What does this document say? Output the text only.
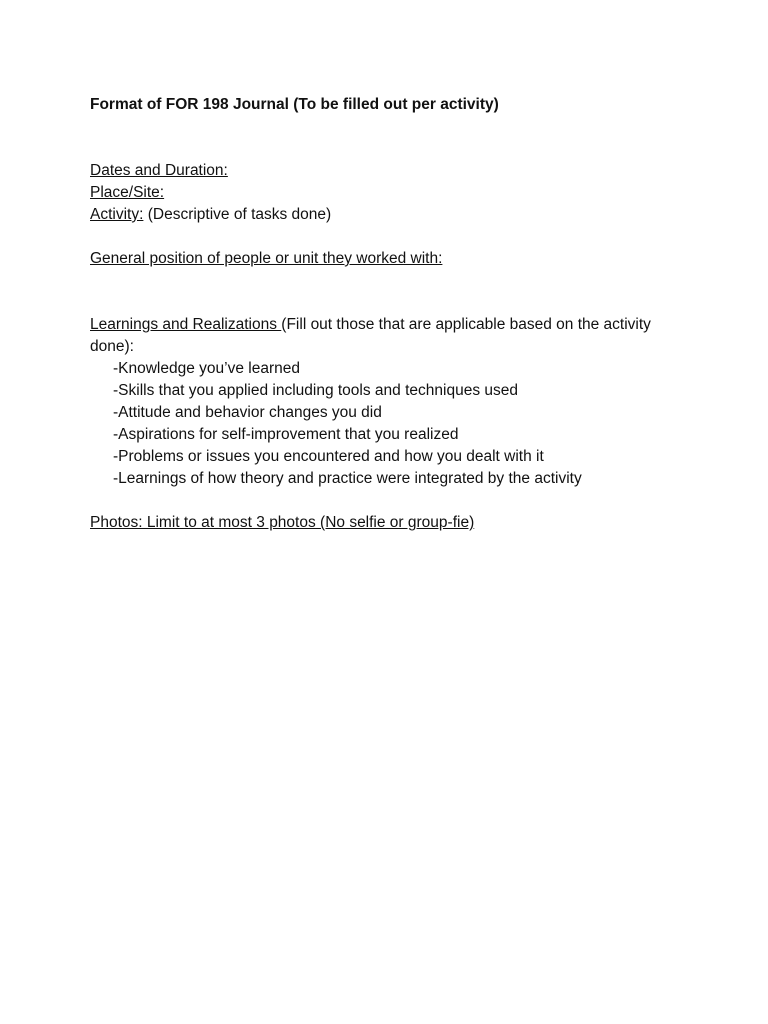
Format of FOR 198 Journal (To be filled out per activity)

Dates and Duration:

Place/Site:

Activity: (Descriptive of tasks done)

General position of people or unit they worked with:

Learnings and Realizations (Fill out those that are applicable based on the activity done):

-Knowledge you’ve learned
-Skills that you applied including tools and techniques used
-Attitude and behavior changes you did
-Aspirations for self-improvement that you realized
-Problems or issues you encountered and how you dealt with it
-Learnings of how theory and practice were integrated by the activity

Photos: Limit to at most 3 photos (No selfie or group-fie)
